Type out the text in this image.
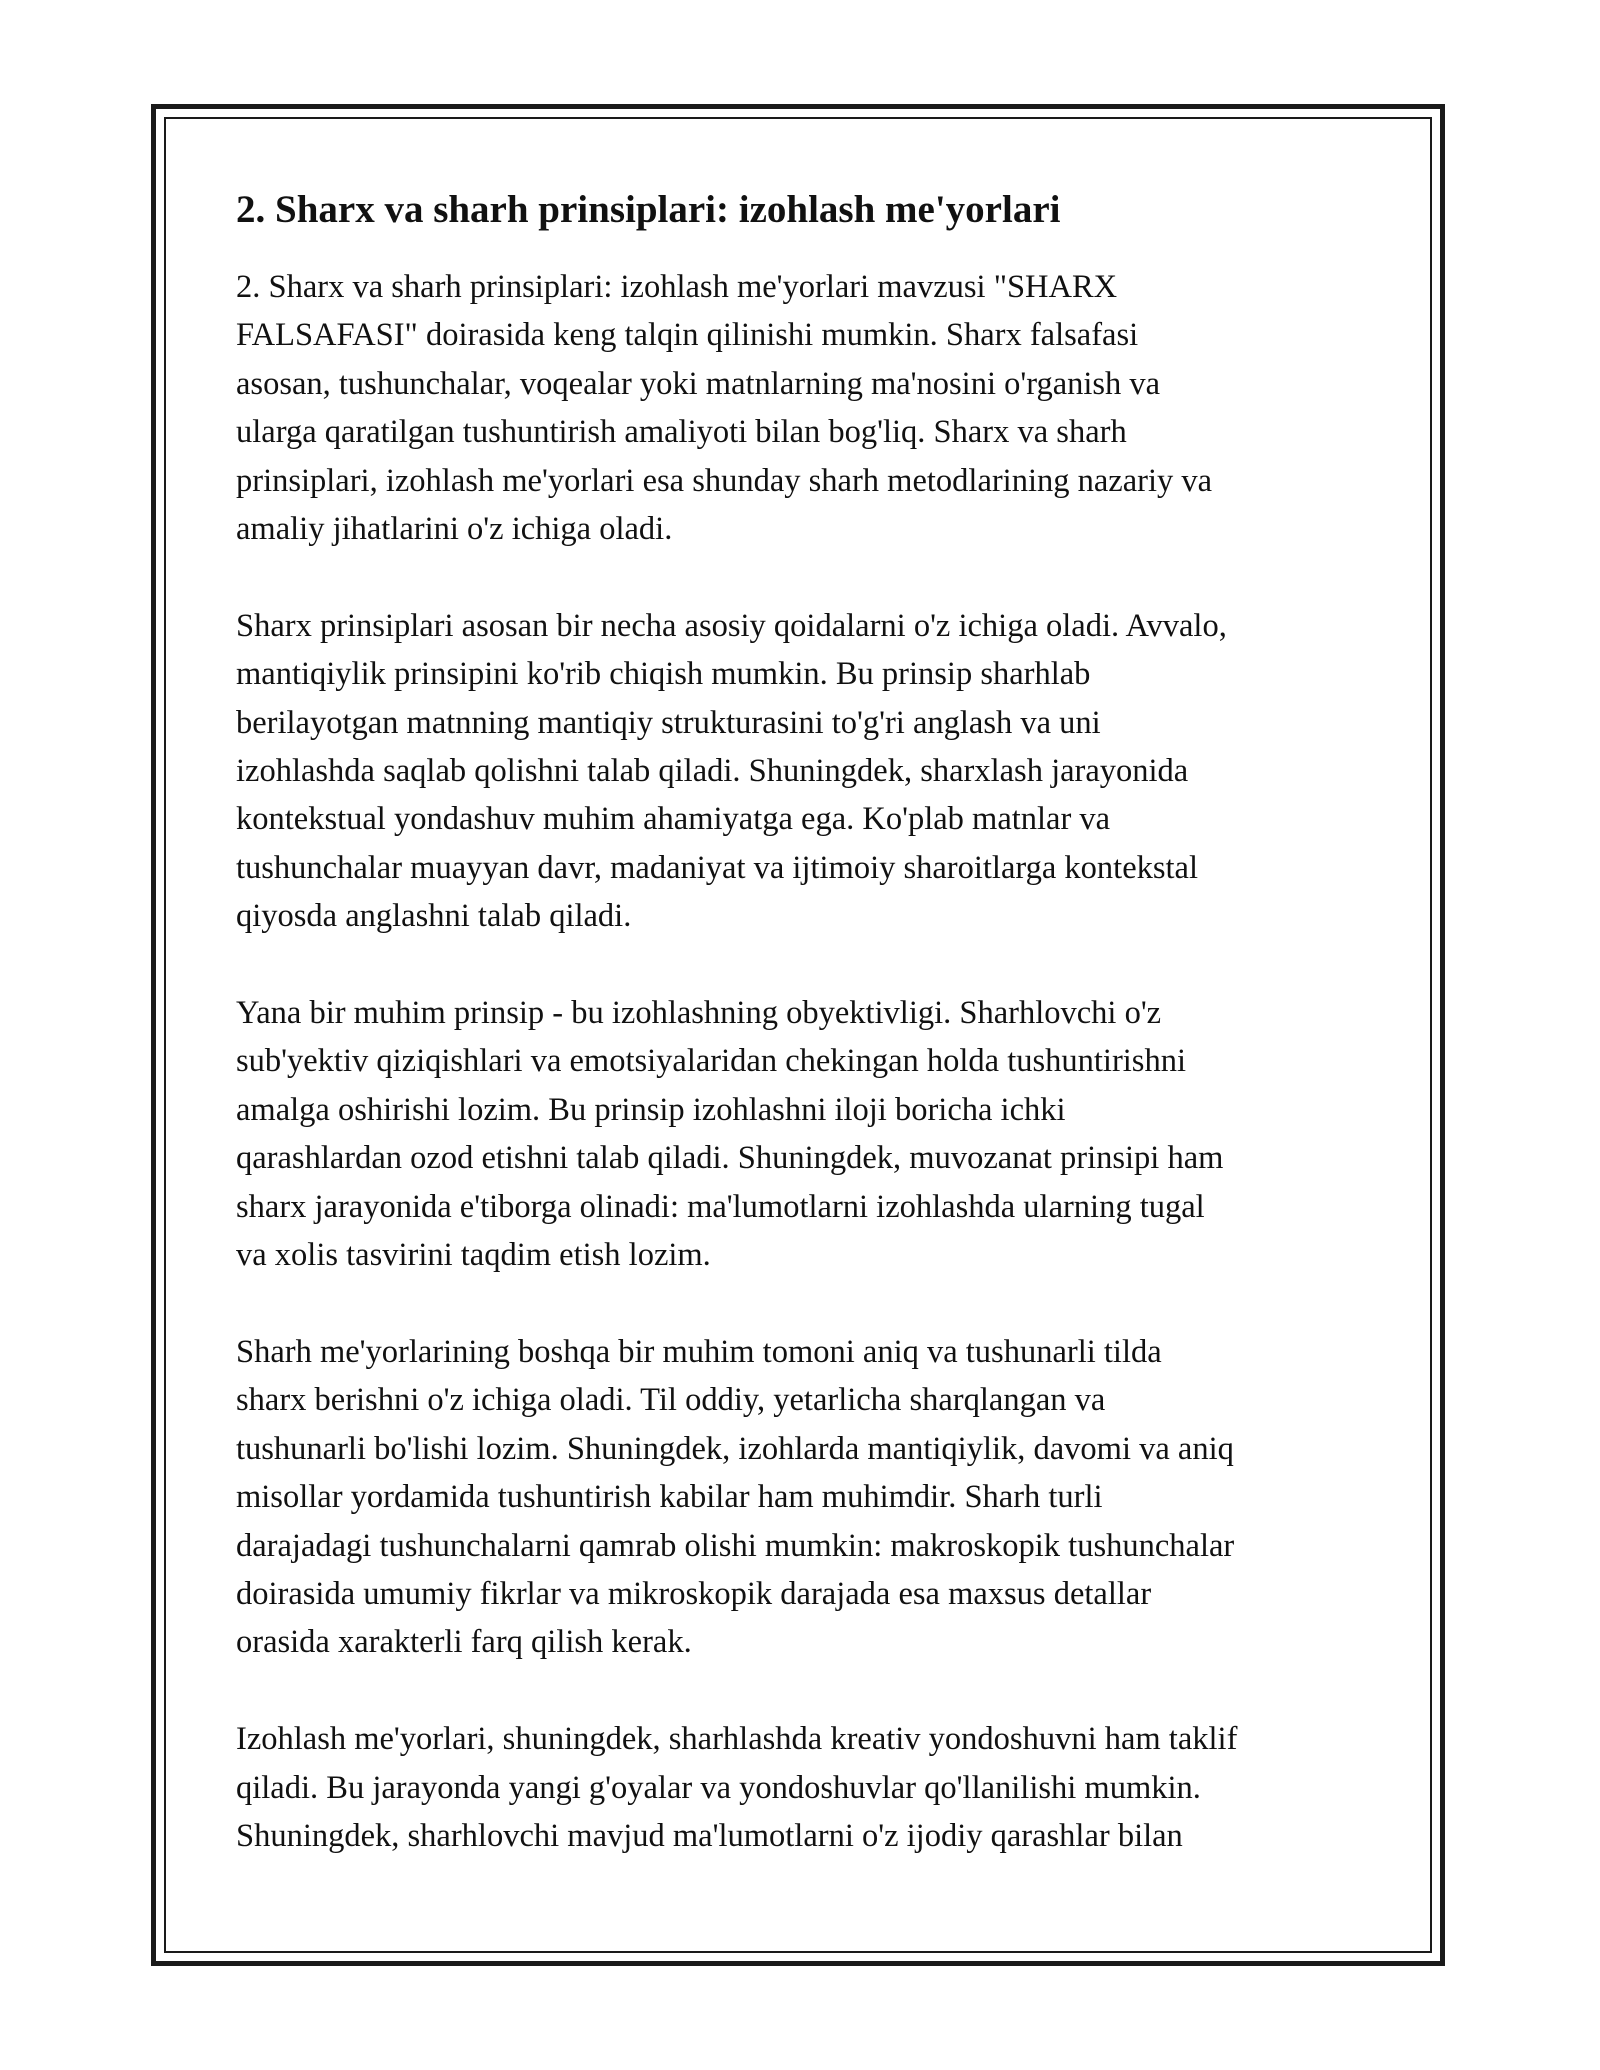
2. Sharx va sharh prinsiplari: izohlash me'yorlari

2. Sharx va sharh prinsiplari: izohlash me'yorlari mavzusi "SHARX
FALSAFASI" doirasida keng talqin qilinishi mumkin. Sharx falsafasi
asosan, tushunchalar, voqealar yoki matnlarning ma'nosini o'rganish va
ularga qaratilgan tushuntirish amaliyoti bilan bog'liq. Sharx va sharh
prinsiplari, izohlash me'yorlari esa shunday sharh metodlarining nazariy va
amaliy jihatlarini o'z ichiga oladi.

Sharx prinsiplari asosan bir necha asosiy qoidalarni o'z ichiga oladi. Avvalo,
mantiqiylik prinsipini ko'rib chiqish mumkin. Bu prinsip sharhlab
berilayotgan matnning mantiqiy strukturasini to'g'ri anglash va uni
izohlashda saqlab qolishni talab qiladi. Shuningdek, sharxlash jarayonida
kontekstual yondashuv muhim ahamiyatga ega. Ko'plab matnlar va
tushunchalar muayyan davr, madaniyat va ijtimoiy sharoitlarga kontekstal
qiyosda anglashni talab qiladi.

Yana bir muhim prinsip - bu izohlashning obyektivligi. Sharhlovchi o'z
sub'yektiv qiziqishlari va emotsiyalaridan chekingan holda tushuntirishni
amalga oshirishi lozim. Bu prinsip izohlashni iloji boricha ichki
qarashlardan ozod etishni talab qiladi. Shuningdek, muvozanat prinsipi ham
sharx jarayonida e'tiborga olinadi: ma'lumotlarni izohlashda ularning tugal
va xolis tasvirini taqdim etish lozim.

Sharh me'yorlarining boshqa bir muhim tomoni aniq va tushunarli tilda
sharx berishni o'z ichiga oladi. Til oddiy, yetarlicha sharqlangan va
tushunarli bo'lishi lozim. Shuningdek, izohlarda mantiqiylik, davomi va aniq
misollar yordamida tushuntirish kabilar ham muhimdir. Sharh turli
darajadagi tushunchalarni qamrab olishi mumkin: makroskopik tushunchalar
doirasida umumiy fikrlar va mikroskopik darajada esa maxsus detallar
orasida xarakterli farq qilish kerak.

Izohlash me'yorlari, shuningdek, sharhlashda kreativ yondoshuvni ham taklif
qiladi. Bu jarayonda yangi g'oyalar va yondoshuvlar qo'llanilishi mumkin.
Shuningdek, sharhlovchi mavjud ma'lumotlarni o'z ijodiy qarashlar bilan
